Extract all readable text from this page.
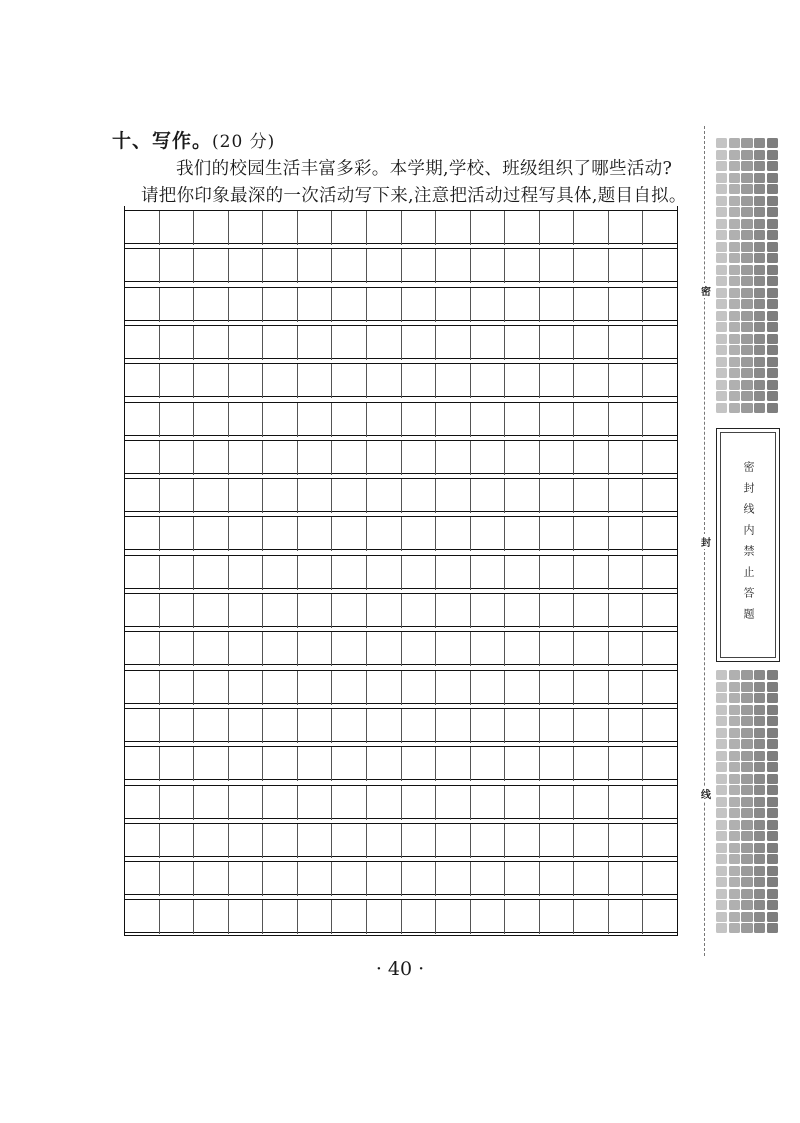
十、写作。(20 分)
我们的校园生活丰富多彩。本学期,学校、班级组织了哪些活动?
请把你印象最深的一次活动写下来,注意把活动过程写具体,题目自拟。
· 40 ·
密
封
线
密封线内禁止答题
